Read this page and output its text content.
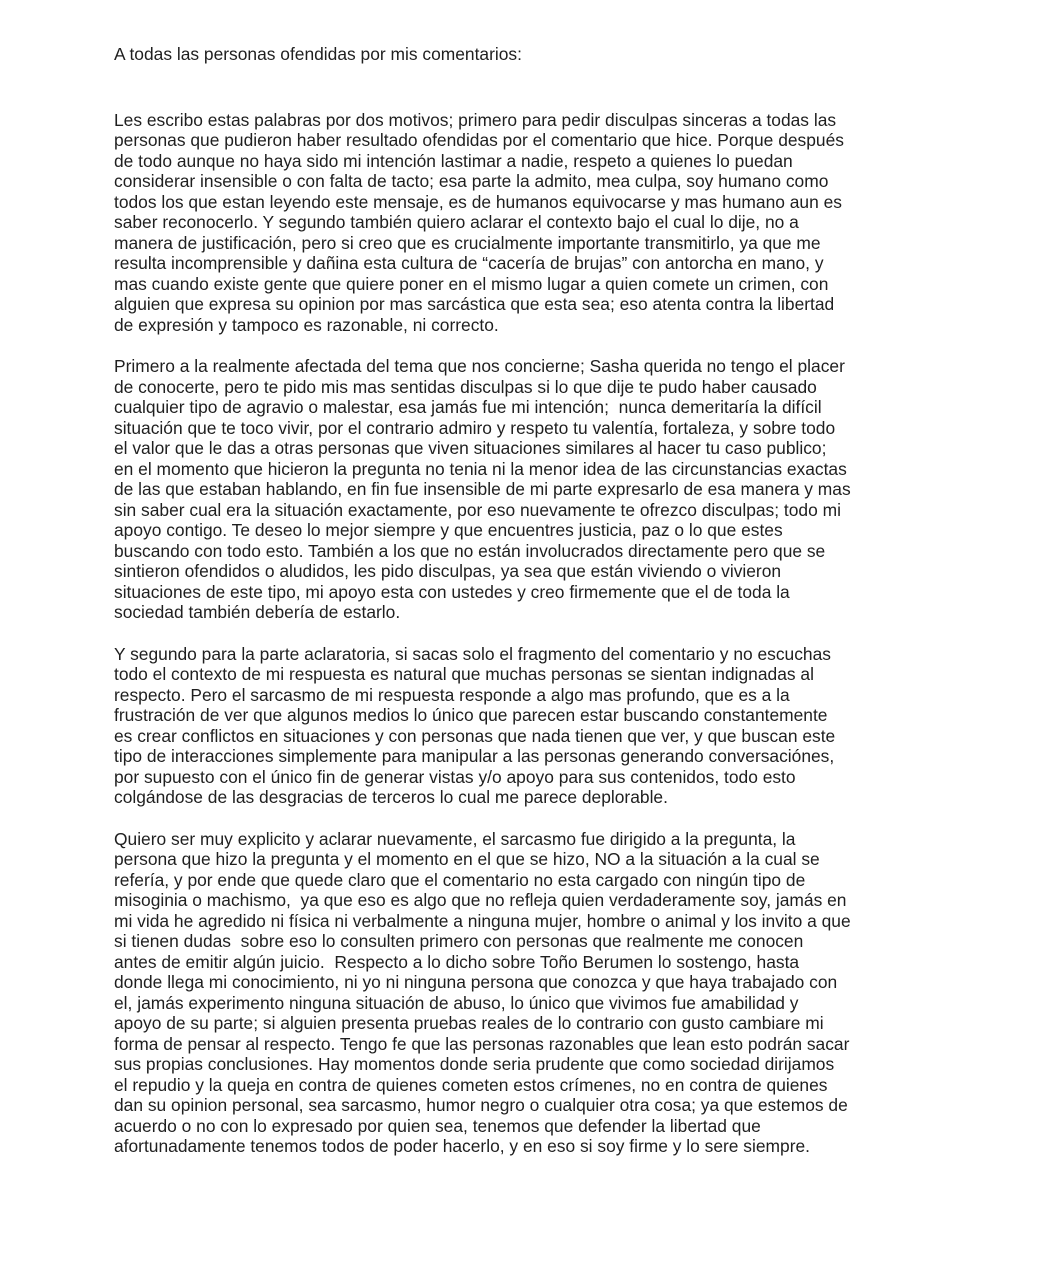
A todas las personas ofendidas por mis comentarios:
Les escribo estas palabras por dos motivos; primero para pedir disculpas sinceras a todas las
personas que pudieron haber resultado ofendidas por el comentario que hice. Porque después
de todo aunque no haya sido mi intención lastimar a nadie, respeto a quienes lo puedan
considerar insensible o con falta de tacto; esa parte la admito, mea culpa, soy humano como
todos los que estan leyendo este mensaje, es de humanos equivocarse y mas humano aun es
saber reconocerlo. Y segundo también quiero aclarar el contexto bajo el cual lo dije, no a
manera de justificación, pero si creo que es crucialmente importante transmitirlo, ya que me
resulta incomprensible y dañina esta cultura de “cacería de brujas” con antorcha en mano, y
mas cuando existe gente que quiere poner en el mismo lugar a quien comete un crimen, con
alguien que expresa su opinion por mas sarcástica que esta sea; eso atenta contra la libertad
de expresión y tampoco es razonable, ni correcto.
Primero a la realmente afectada del tema que nos concierne; Sasha querida no tengo el placer
de conocerte, pero te pido mis mas sentidas disculpas si lo que dije te pudo haber causado
cualquier tipo de agravio o malestar, esa jamás fue mi intención;  nunca demeritaría la difícil
situación que te toco vivir, por el contrario admiro y respeto tu valentía, fortaleza, y sobre todo
el valor que le das a otras personas que viven situaciones similares al hacer tu caso publico;
en el momento que hicieron la pregunta no tenia ni la menor idea de las circunstancias exactas
de las que estaban hablando, en fin fue insensible de mi parte expresarlo de esa manera y mas
sin saber cual era la situación exactamente, por eso nuevamente te ofrezco disculpas; todo mi
apoyo contigo. Te deseo lo mejor siempre y que encuentres justicia, paz o lo que estes
buscando con todo esto. También a los que no están involucrados directamente pero que se
sintieron ofendidos o aludidos, les pido disculpas, ya sea que están viviendo o vivieron
situaciones de este tipo, mi apoyo esta con ustedes y creo firmemente que el de toda la
sociedad también debería de estarlo.
Y segundo para la parte aclaratoria, si sacas solo el fragmento del comentario y no escuchas
todo el contexto de mi respuesta es natural que muchas personas se sientan indignadas al
respecto. Pero el sarcasmo de mi respuesta responde a algo mas profundo, que es a la
frustración de ver que algunos medios lo único que parecen estar buscando constantemente
es crear conflictos en situaciones y con personas que nada tienen que ver, y que buscan este
tipo de interacciones simplemente para manipular a las personas generando conversaciónes,
por supuesto con el único fin de generar vistas y/o apoyo para sus contenidos, todo esto
colgándose de las desgracias de terceros lo cual me parece deplorable.
Quiero ser muy explicito y aclarar nuevamente, el sarcasmo fue dirigido a la pregunta, la
persona que hizo la pregunta y el momento en el que se hizo, NO a la situación a la cual se
refería, y por ende que quede claro que el comentario no esta cargado con ningún tipo de
misoginia o machismo,  ya que eso es algo que no refleja quien verdaderamente soy, jamás en
mi vida he agredido ni física ni verbalmente a ninguna mujer, hombre o animal y los invito a que
si tienen dudas  sobre eso lo consulten primero con personas que realmente me conocen
antes de emitir algún juicio.  Respecto a lo dicho sobre Toño Berumen lo sostengo, hasta
donde llega mi conocimiento, ni yo ni ninguna persona que conozca y que haya trabajado con
el, jamás experimento ninguna situación de abuso, lo único que vivimos fue amabilidad y
apoyo de su parte; si alguien presenta pruebas reales de lo contrario con gusto cambiare mi
forma de pensar al respecto. Tengo fe que las personas razonables que lean esto podrán sacar
sus propias conclusiones. Hay momentos donde seria prudente que como sociedad dirijamos
el repudio y la queja en contra de quienes cometen estos crímenes, no en contra de quienes
dan su opinion personal, sea sarcasmo, humor negro o cualquier otra cosa; ya que estemos de
acuerdo o no con lo expresado por quien sea, tenemos que defender la libertad que
afortunadamente tenemos todos de poder hacerlo, y en eso si soy firme y lo sere siempre.
